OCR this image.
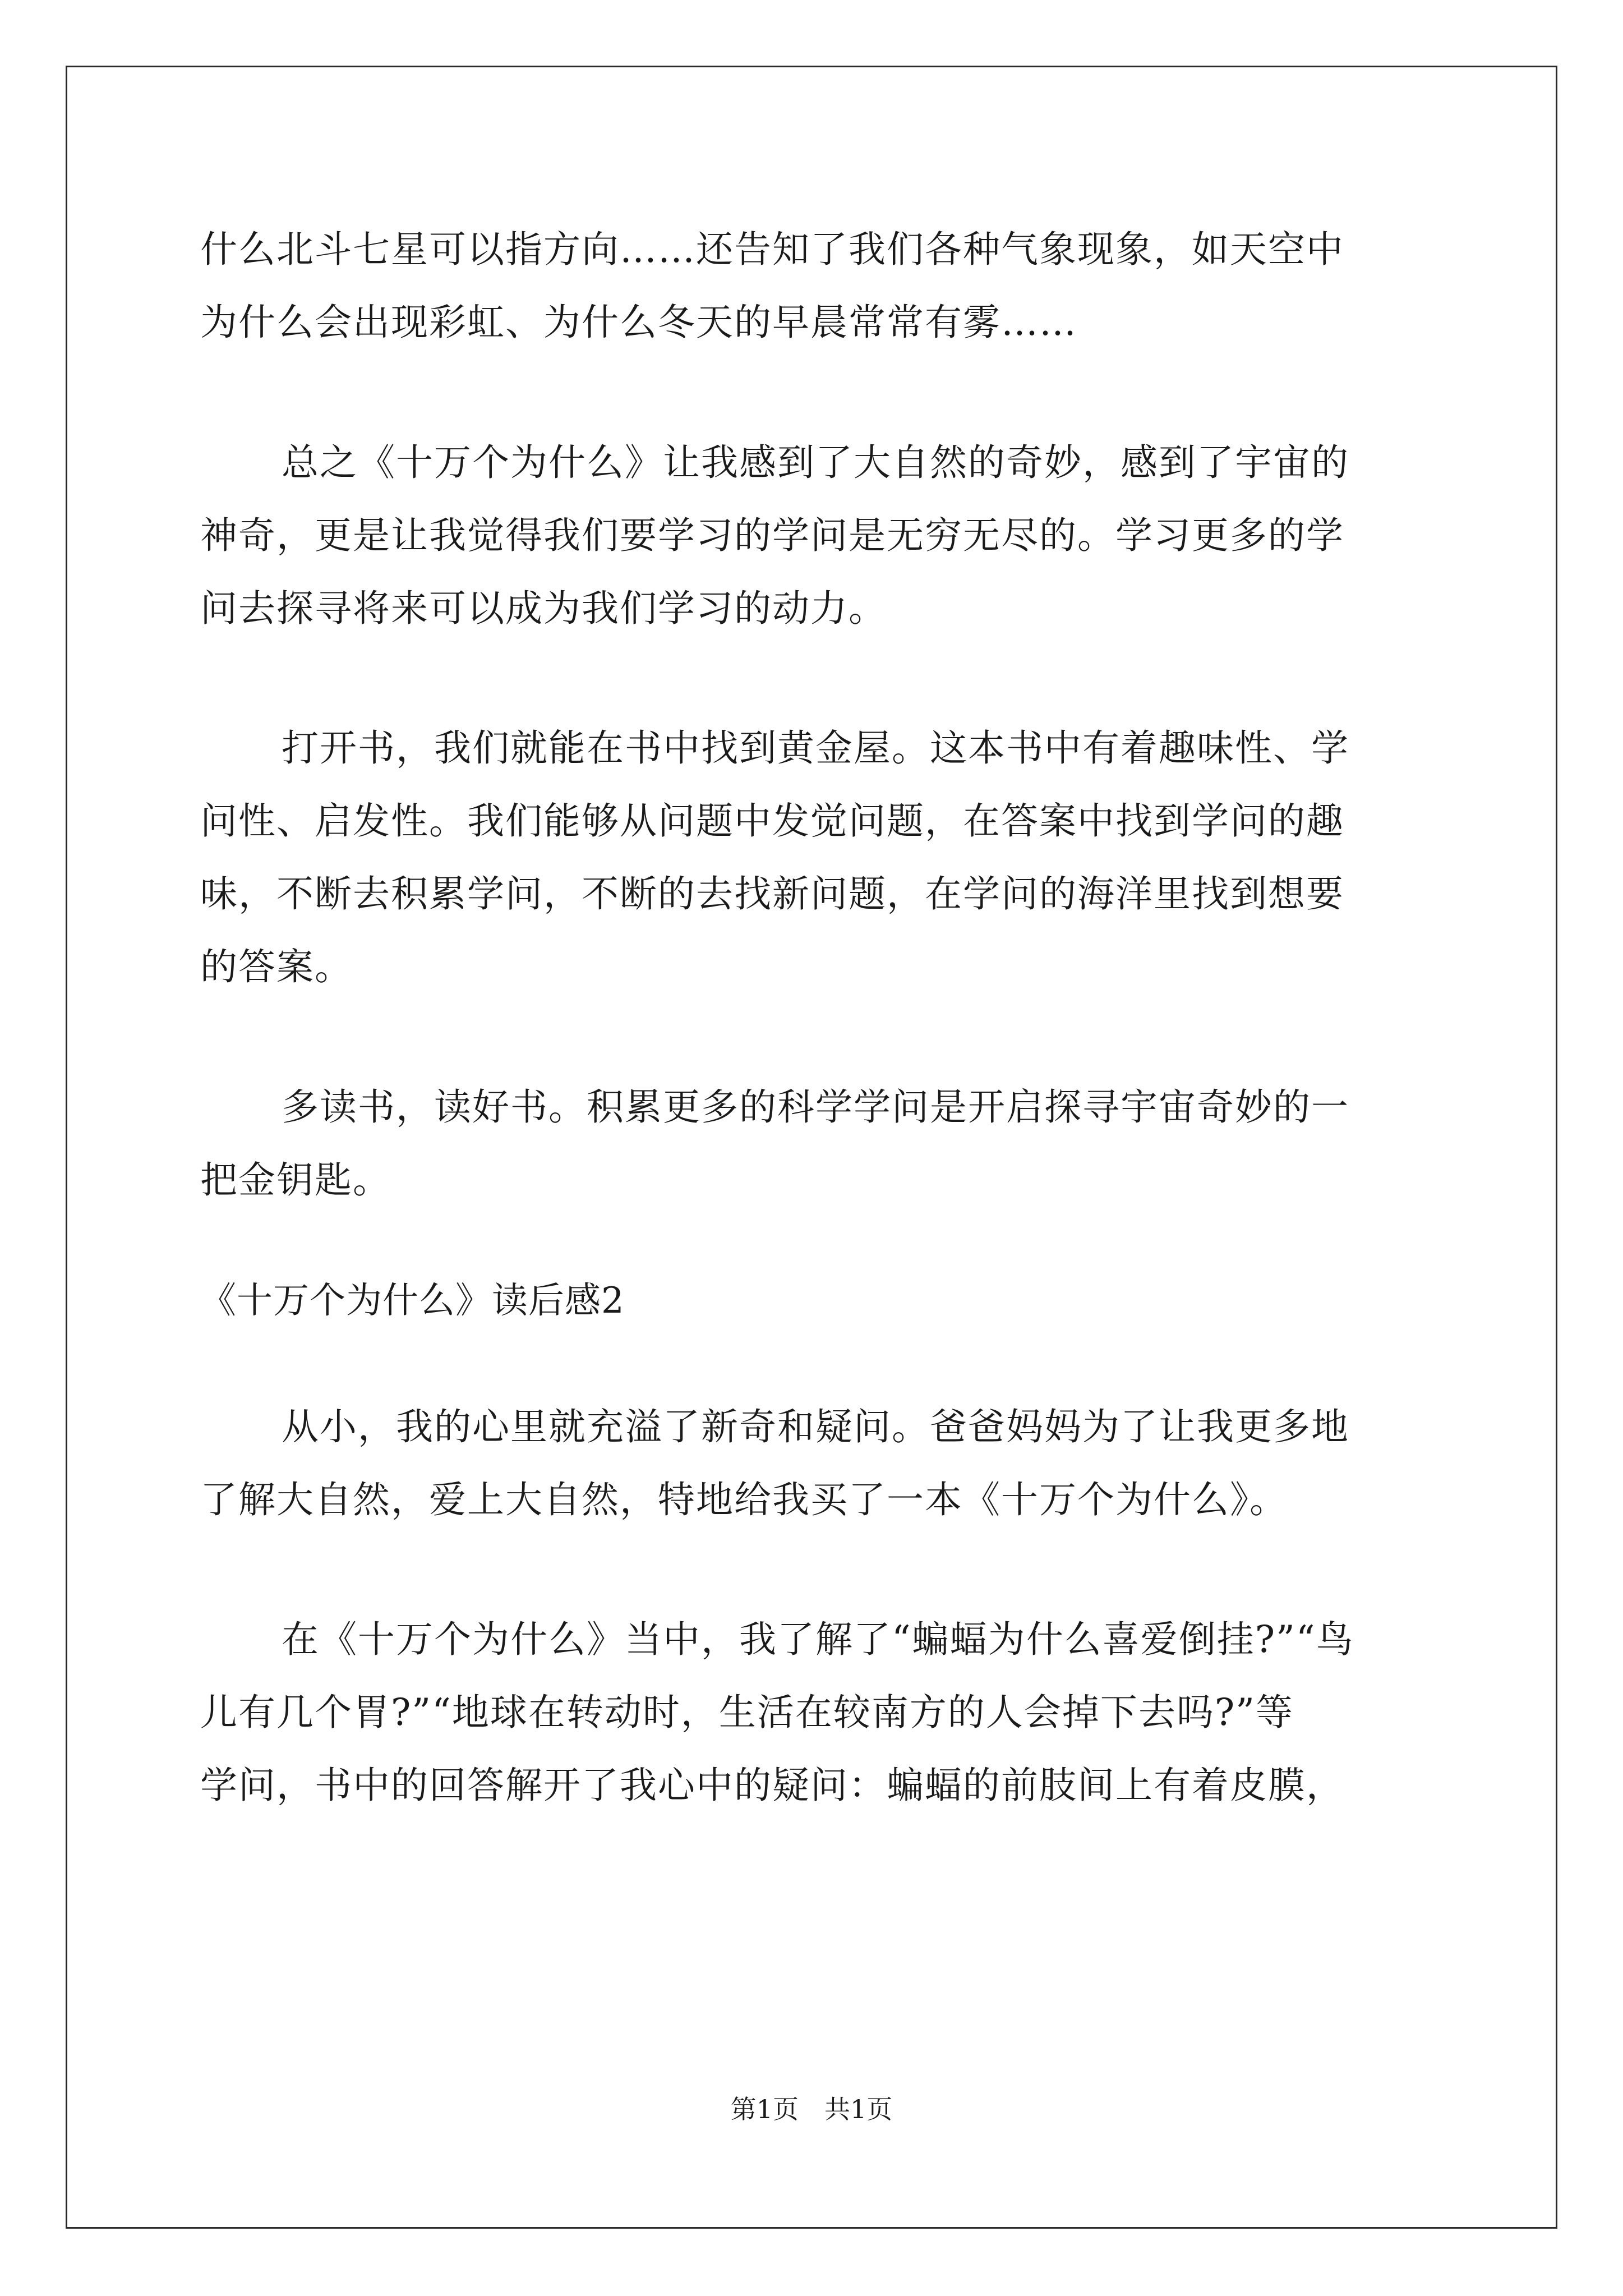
什么北斗七星可以指方向……还告知了我们各种气象现象，如天空中

为什么会出现彩虹、为什么冬天的早晨常常有雾……

总之《十万个为什么》让我感到了大自然的奇妙，感到了宇宙的

神奇，更是让我觉得我们要学习的学问是无穷无尽的。学习更多的学

问去探寻将来可以成为我们学习的动力。

打开书，我们就能在书中找到黄金屋。这本书中有着趣味性、学

问性、启发性。我们能够从问题中发觉问题，在答案中找到学问的趣

味，不断去积累学问，不断的去找新问题，在学问的海洋里找到想要

的答案。

多读书，读好书。积累更多的科学学问是开启探寻宇宙奇妙的一

把金钥匙。

《十万个为什么》读后感2

从小，我的心里就充溢了新奇和疑问。爸爸妈妈为了让我更多地

了解大自然，爱上大自然，特地给我买了一本《十万个为什么》。

在《十万个为什么》当中，我了解了“蝙蝠为什么喜爱倒挂?”“鸟

儿有几个胃?”“地球在转动时，生活在较南方的人会掉下去吗?”等

学问，书中的回答解开了我心中的疑问：蝙蝠的前肢间上有着皮膜，

第1页　共1页
